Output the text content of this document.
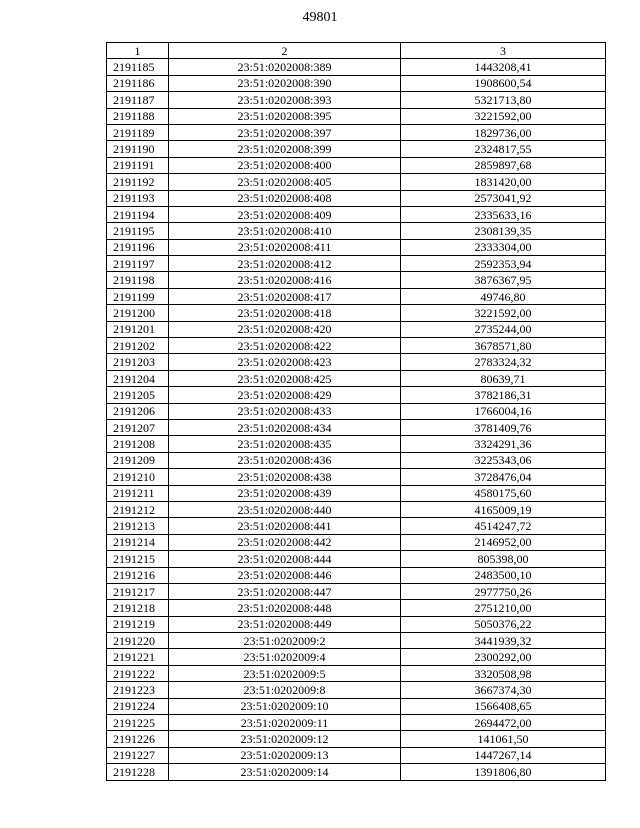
49801
1	2	3
2191185	23:51:0202008:389	1443208,41
2191186	23:51:0202008:390	1908600,54
2191187	23:51:0202008:393	5321713,80
2191188	23:51:0202008:395	3221592,00
2191189	23:51:0202008:397	1829736,00
2191190	23:51:0202008:399	2324817,55
2191191	23:51:0202008:400	2859897,68
2191192	23:51:0202008:405	1831420,00
2191193	23:51:0202008:408	2573041,92
2191194	23:51:0202008:409	2335633,16
2191195	23:51:0202008:410	2308139,35
2191196	23:51:0202008:411	2333304,00
2191197	23:51:0202008:412	2592353,94
2191198	23:51:0202008:416	3876367,95
2191199	23:51:0202008:417	49746,80
2191200	23:51:0202008:418	3221592,00
2191201	23:51:0202008:420	2735244,00
2191202	23:51:0202008:422	3678571,80
2191203	23:51:0202008:423	2783324,32
2191204	23:51:0202008:425	80639,71
2191205	23:51:0202008:429	3782186,31
2191206	23:51:0202008:433	1766004,16
2191207	23:51:0202008:434	3781409,76
2191208	23:51:0202008:435	3324291,36
2191209	23:51:0202008:436	3225343,06
2191210	23:51:0202008:438	3728476,04
2191211	23:51:0202008:439	4580175,60
2191212	23:51:0202008:440	4165009,19
2191213	23:51:0202008:441	4514247,72
2191214	23:51:0202008:442	2146952,00
2191215	23:51:0202008:444	805398,00
2191216	23:51:0202008:446	2483500,10
2191217	23:51:0202008:447	2977750,26
2191218	23:51:0202008:448	2751210,00
2191219	23:51:0202008:449	5050376,22
2191220	23:51:0202009:2	3441939,32
2191221	23:51:0202009:4	2300292,00
2191222	23:51:0202009:5	3320508,98
2191223	23:51:0202009:8	3667374,30
2191224	23:51:0202009:10	1566408,65
2191225	23:51:0202009:11	2694472,00
2191226	23:51:0202009:12	141061,50
2191227	23:51:0202009:13	1447267,14
2191228	23:51:0202009:14	1391806,80
